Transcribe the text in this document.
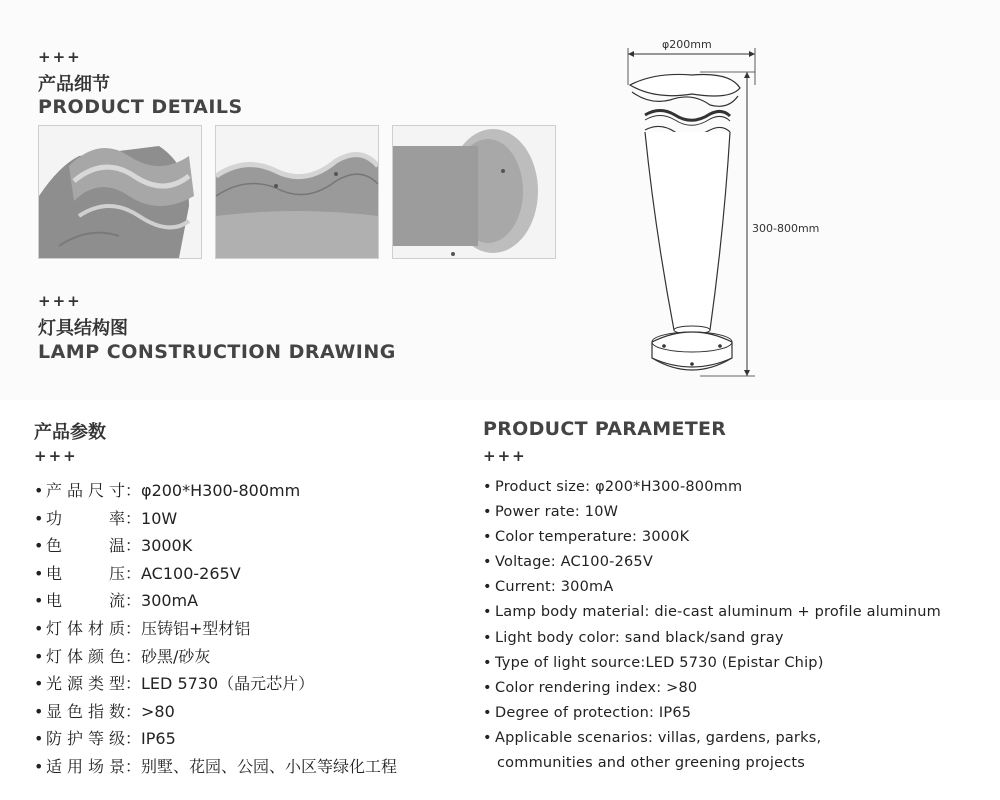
+++
产品细节
PRODUCT DETAILS
+++
灯具结构图
LAMP CONSTRUCTION DRAWING
φ200mm
300-800mm
产品参数
+++
• 产品尺寸：φ200*H300-800mm
• 功率：10W
• 色温：3000K
• 电压：AC100-265V
• 电流：300mA
• 灯体材质：压铸铝+型材铝
• 灯体颜色：砂黑/砂灰
• 光源类型：LED 5730（晶元芯片）
• 显色指数：>80
• 防护等级：IP65
• 适用场景：别墅、花园、公园、小区等绿化工程
PRODUCT PARAMETER
+++
• Product size: φ200*H300-800mm
• Power rate: 10W
• Color temperature: 3000K
• Voltage: AC100-265V
• Current: 300mA
• Lamp body material: die-cast aluminum + profile aluminum
• Light body color: sand black/sand gray
• Type of light source:LED 5730 (Epistar Chip)
• Color rendering index: >80
• Degree of protection: IP65
• Applicable scenarios: villas, gardens, parks,
communities and other greening projects
